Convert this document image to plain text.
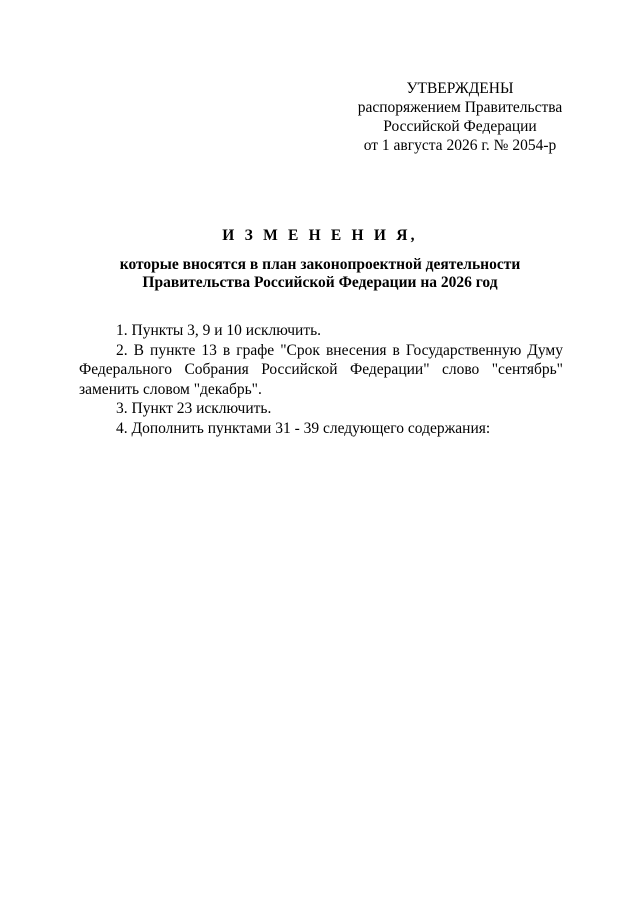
УТВЕРЖДЕНЫ
распоряжением Правительства
Российской Федерации
от 1 августа 2026 г. № 2054-р
И З М Е Н Е Н И Я,
которые вносятся в план законопроектной деятельности
Правительства Российской Федерации на 2026 год

1. Пункты 3, 9 и 10 исключить.

2. В пункте 13 в графе "Срок внесения в Государственную Думу Федерального Собрания Российской Федерации" слово "сентябрь" заменить словом "декабрь".

3. Пункт 23 исключить.

4. Дополнить пунктами 31 - 39 следующего содержания:
